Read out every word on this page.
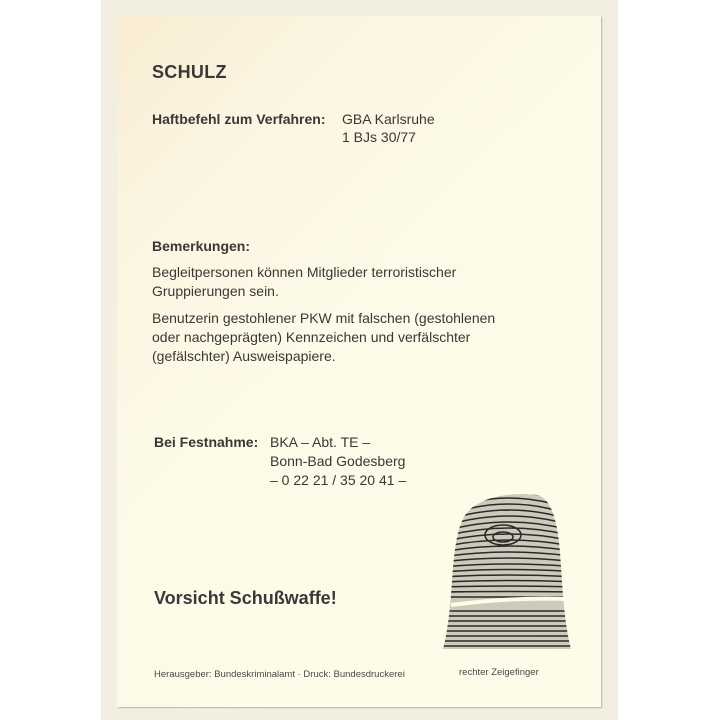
SCHULZ
Haftbefehl zum Verfahren: GBA Karlsruhe
1 BJs 30/77
Bemerkungen:
Begleitpersonen können Mitglieder terroristischer
Gruppierungen sein.
Benutzerin gestohlener PKW mit falschen (gestohlenen
oder nachgeprägten) Kennzeichen und verfälschter
(gefälschter) Ausweispapiere.
Bei Festnahme: BKA – Abt. TE –
Bonn-Bad Godesberg
– 0 22 21 / 35 20 41 –
Vorsicht Schußwaffe!
Herausgeber: Bundeskriminalamt · Druck: Bundesdruckerei	rechter Zeigefinger
